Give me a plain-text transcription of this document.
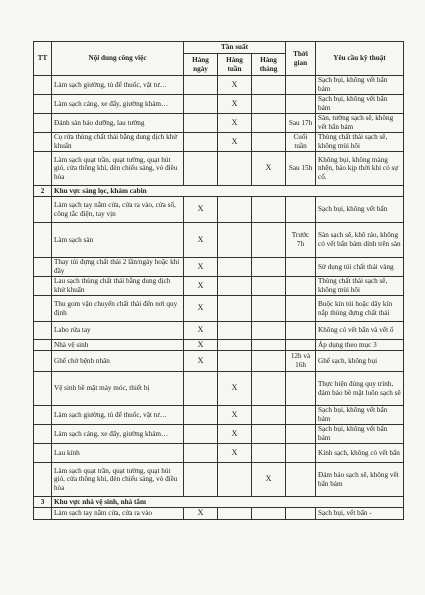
TT	Nội dung công việc	Tần suất			Thời gian	Yêu cầu kỹ thuật
		Hàng ngày	Hàng tuần	Hàng tháng		
	Làm sạch giường, tủ để thuốc, vật tư…		X			Sạch bụi, không vết bẩn bám
	Làm sạch cáng, xe đẩy, giường khám…		X			Sạch bụi, không vết bẩn bám
	Đánh sàn bảo dưỡng, lau tường		X		Sau 17h	Sàn, tường sạch sẽ, không vết bẩn bám
	Cọ rửa thùng chất thải bằng dung dịch khử khuẩn		X		Cuối tuần	Thùng chất thải sạch sẽ, không mùi hôi
	Làm sạch quạt trần, quạt tường, quạt hút gió, cửa thông khí, đèn chiếu sáng, vỏ điều hòa			X	Sau 15h	Không bụi, không màng nhện, báo kịp thời khi có sự cố.
2	Khu vực sảng lọc, khám cabin					
	Làm sạch tay nắm cửa, cửa ra vào, cửa sổ, công tắc điện, tay vịn	X				Sạch bụi, không vết bẩn
	Làm sạch sàn	X			Trước 7h	Sàn sạch sẽ, khô ráo, không có vết bẩn bám dính trên sàn
	Thay túi đựng chất thải 2 lần/ngày hoặc khi đầy	X				Sử dụng túi chất thải vàng
	Lau sạch thùng chất thải bằng dung dịch khử khuẩn	X				Thùng chất thải sạch sẽ, không mùi hôi
	Thu gom vận chuyển chất thải đến nơi quy định	X				Buộc kín túi hoặc dây kín nắp thùng đựng chất thải
	Labo rửa tay	X				Không có vết bẩn và vết ố
	Nhà vệ sinh	X				Áp dụng theo mục 3
	Ghế chờ bệnh nhân	X			12h và 16h	Ghế sạch, không bụi
	Vệ sinh bề mặt máy móc, thiết bị		X			Thực hiện đúng quy trình, đảm bảo bề mặt luôn sạch sẽ
	Làm sạch giường, tủ để thuốc, vật tư…		X			Sạch bụi, không vết bẩn bám
	Làm sạch cáng, xe đẩy, giường khám…		X			Sạch bụi, không vết bẩn bám
	Lau kính		X			Kính sạch, không có vết bẩn
	Làm sạch quạt trần, quạt tường, quạt hút gió, cửa thông khí, đèn chiếu sáng, vỏ điều hòa			X		Đảm bảo sạch sẽ, không vết bẩn bám
3	Khu vực nhà vệ sinh, nhà tắm					
	Làm sạch tay nắm cửa, cửa ra vào	X				Sạch bụi, vết bẩn -
